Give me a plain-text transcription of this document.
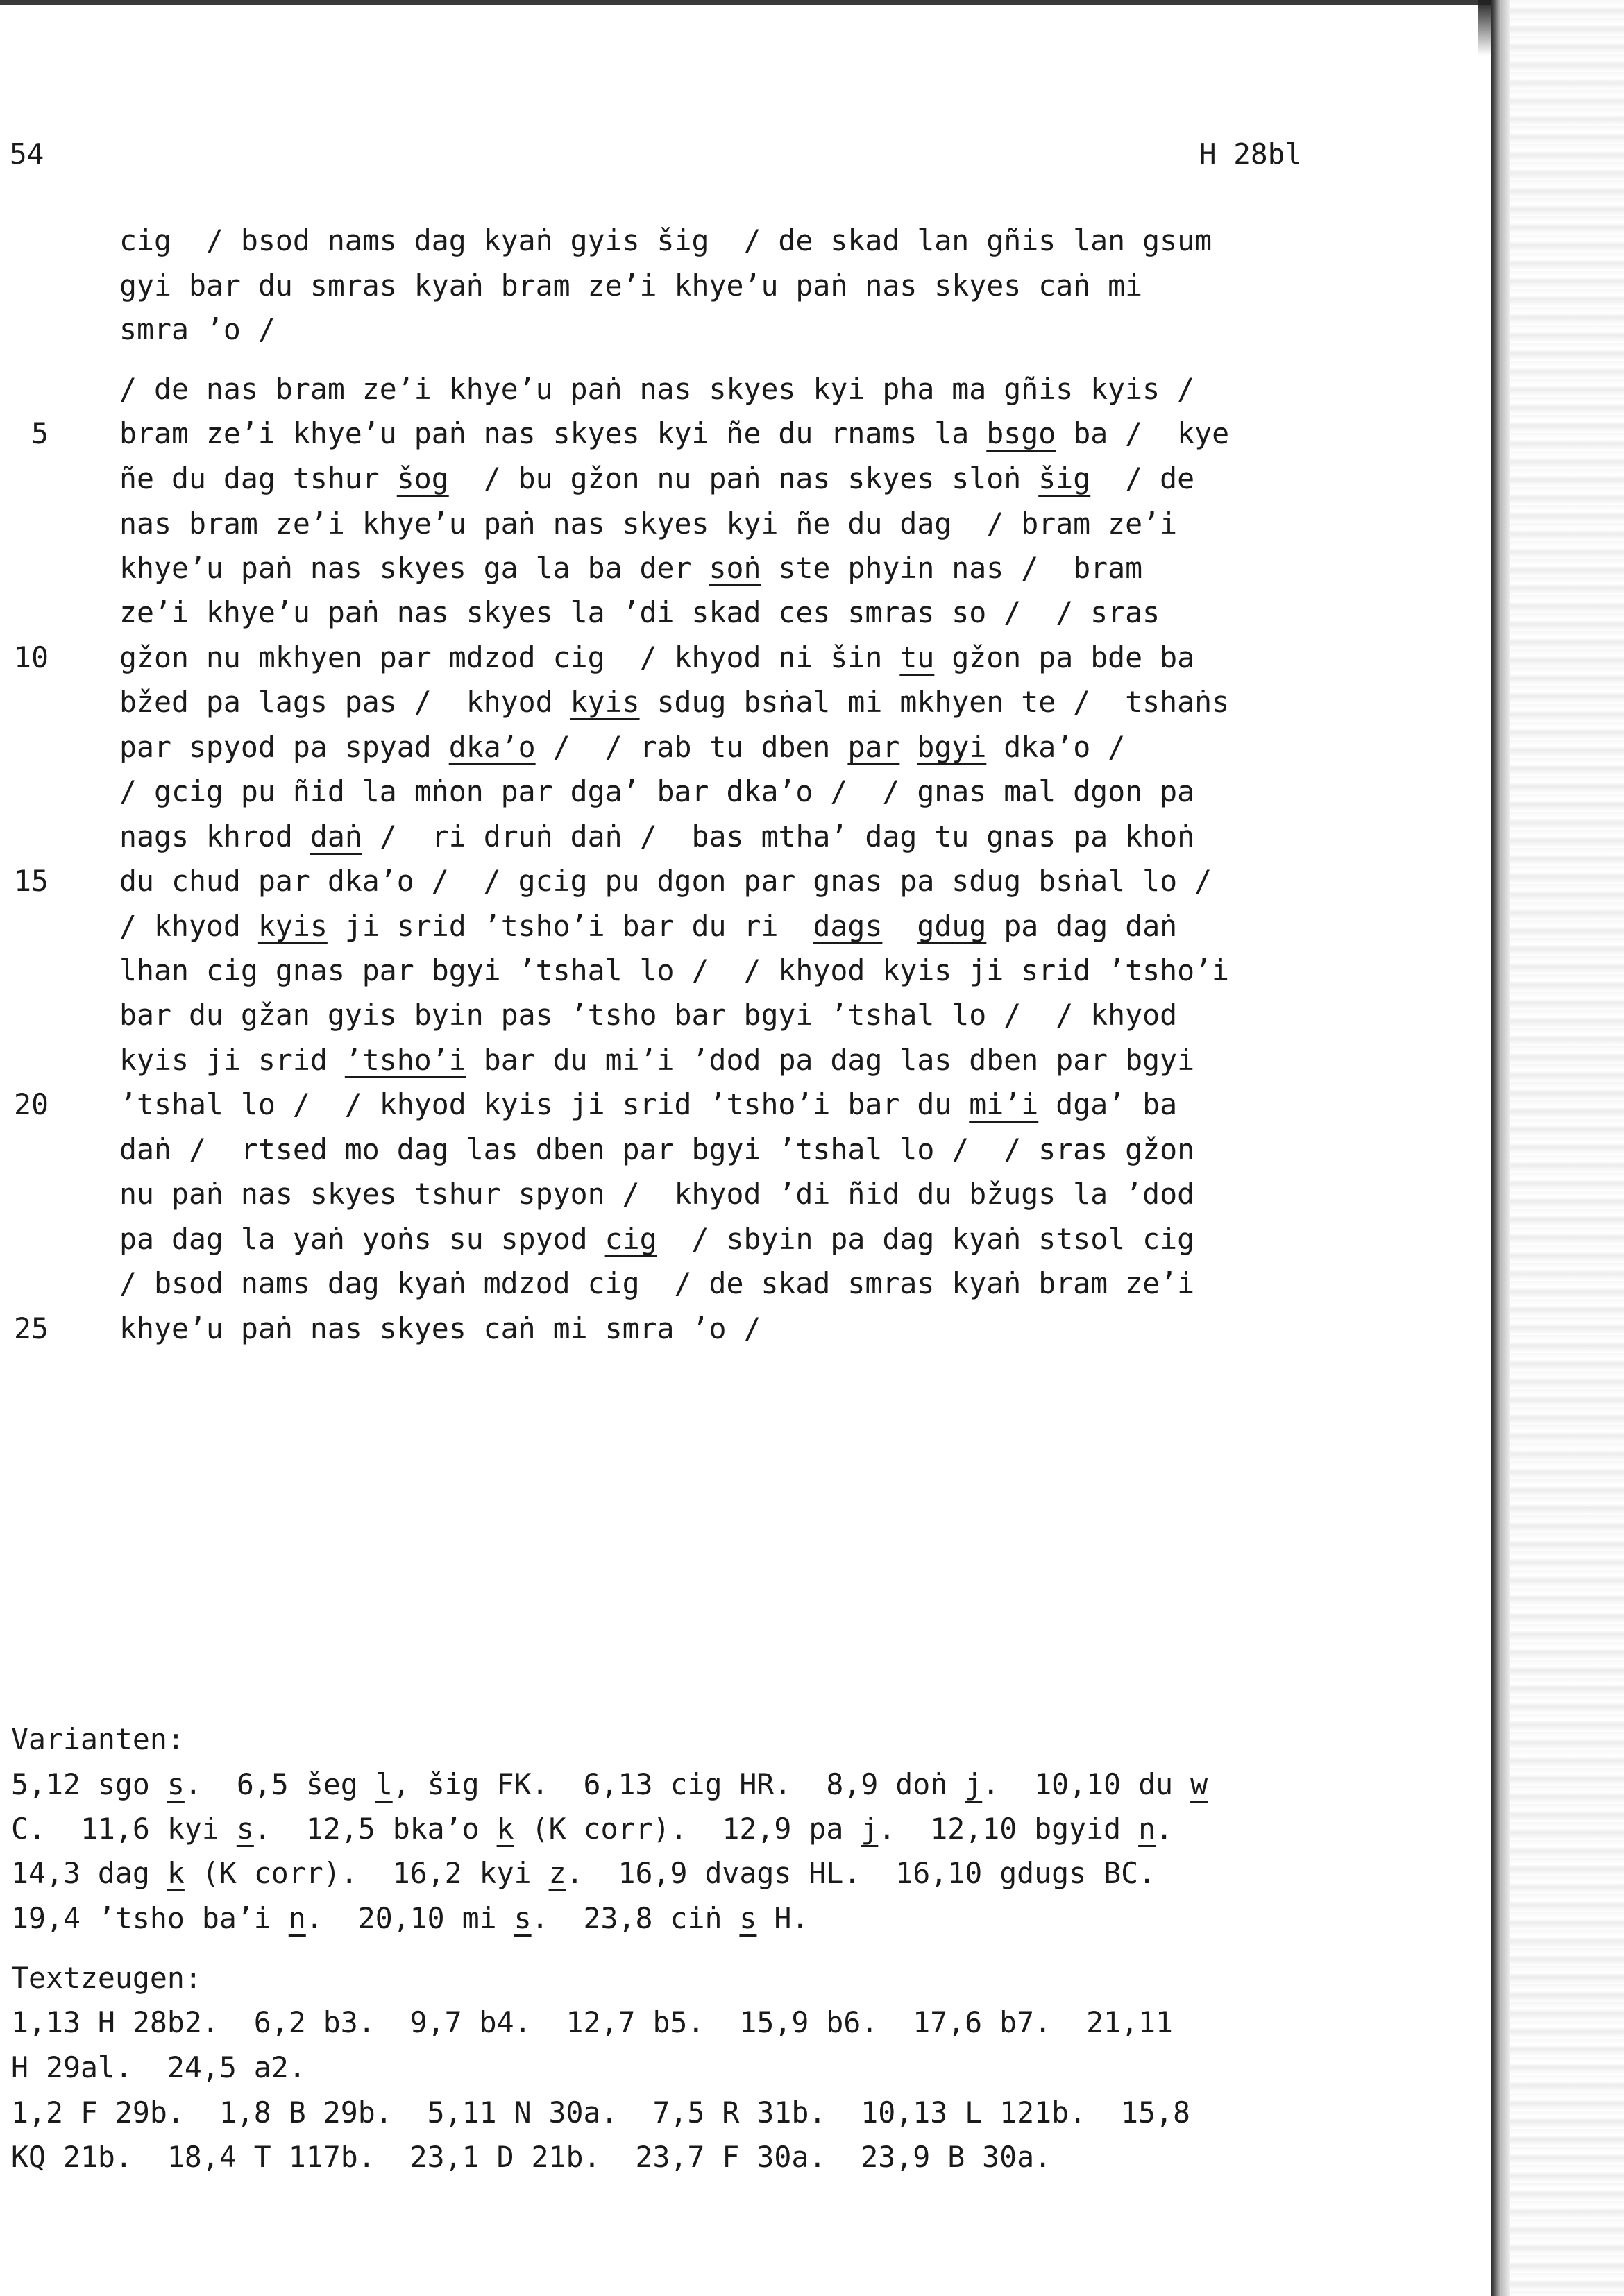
54	H 28bl
cig  / bsod nams dag kyaṅ gyis šig  / de skad lan gñis lan gsum
gyi bar du smras kyaṅ bram ze’i khye’u paṅ nas skyes caṅ mi
smra ’o /
/ de nas bram ze’i khye’u paṅ nas skyes kyi pha ma gñis kyis /
bram ze’i khye’u paṅ nas skyes kyi ñe du rnams la bsgo ba /  kye
ñe du dag tshur šog  / bu gžon nu paṅ nas skyes sloṅ šig  / de
nas bram ze’i khye’u paṅ nas skyes kyi ñe du dag  / bram ze’i
khye’u paṅ nas skyes ga la ba der soṅ ste phyin nas /  bram
ze’i khye’u paṅ nas skyes la ’di skad ces smras so /  / sras
gžon nu mkhyen par mdzod cig  / khyod ni šin tu gžon pa bde ba
bžed pa lags pas /  khyod kyis sdug bsṅal mi mkhyen te /  tshaṅs
par spyod pa spyad dka’o /  / rab tu dben par bgyi dka’o /
/ gcig pu ñid la mṅon par dga’ bar dka’o /  / gnas mal dgon pa
nags khrod daṅ /  ri druṅ daṅ /  bas mtha’ dag tu gnas pa khoṅ
du chud par dka’o /  / gcig pu dgon par gnas pa sdug bsṅal lo /
/ khyod kyis ji srid ’tsho’i bar du ri  dags gdug pa dag daṅ
lhan cig gnas par bgyi ’tshal lo /  / khyod kyis ji srid ’tsho’i
bar du gžan gyis byin pas ’tsho bar bgyi ’tshal lo /  / khyod
kyis ji srid ’tsho’i bar du mi’i ’dod pa dag las dben par bgyi
’tshal lo /  / khyod kyis ji srid ’tsho’i bar du mi’i dga’ ba
daṅ /  rtsed mo dag las dben par bgyi ’tshal lo /  / sras gžon
nu paṅ nas skyes tshur spyon /  khyod ’di ñid du bžugs la ’dod
pa dag la yaṅ yoṅs su spyod cig  / sbyin pa dag kyaṅ stsol cig
/ bsod nams dag kyaṅ mdzod cig  / de skad smras kyaṅ bram ze’i
khye’u paṅ nas skyes caṅ mi smra ’o /
5
10
15
20
25
Varianten:
5,12 sgo s.  6,5 šeg l, šig FK.  6,13 cig HR.  8,9 doṅ j.  10,10 du w
C.  11,6 kyi s.  12,5 bka’o k (K corr).  12,9 pa j.  12,10 bgyid n.
14,3 dag k (K corr).  16,2 kyi z.  16,9 dvags HL.  16,10 gdugs BC.
19,4 ’tsho ba’i n.  20,10 mi s.  23,8 ciṅ s H.
Textzeugen:
1,13 H 28b2.  6,2 b3.  9,7 b4.  12,7 b5.  15,9 b6.  17,6 b7.  21,11
H 29al.  24,5 a2.
1,2 F 29b.  1,8 B 29b.  5,11 N 30a.  7,5 R 31b.  10,13 L 121b.  15,8
KQ 21b.  18,4 T 117b.  23,1 D 21b.  23,7 F 30a.  23,9 B 30a.
